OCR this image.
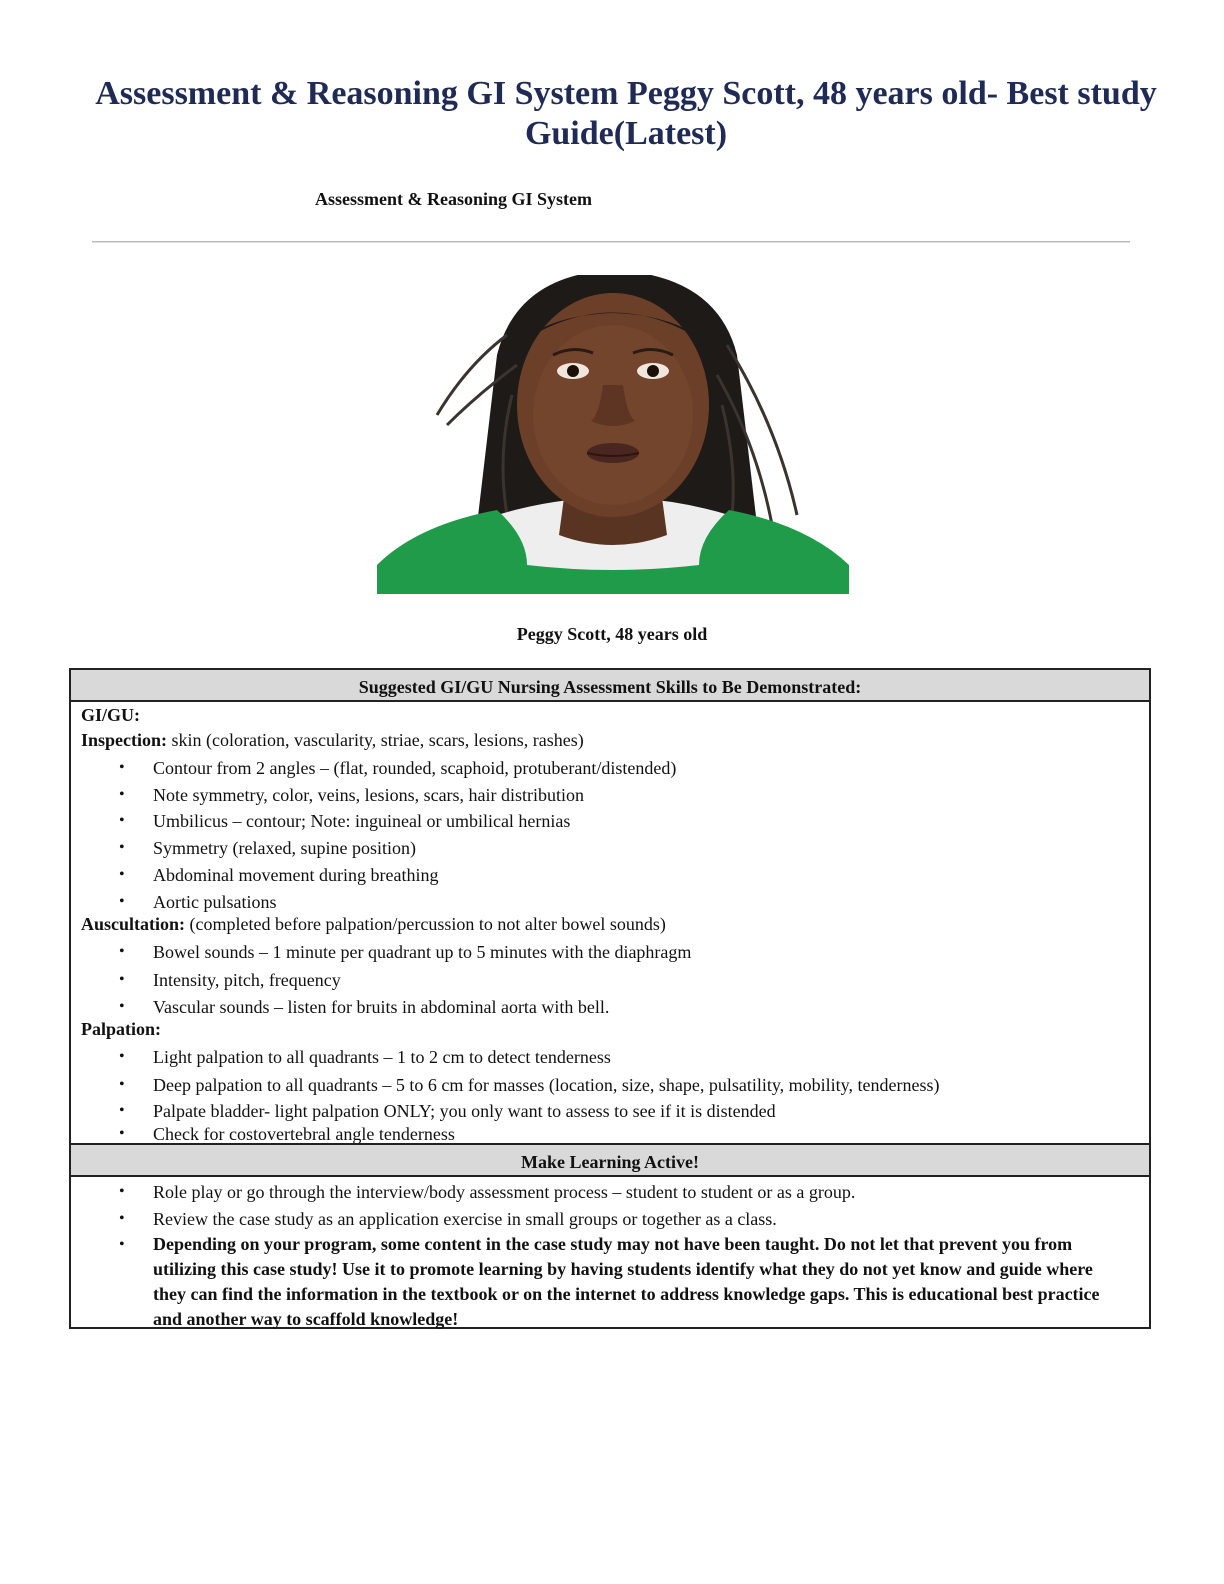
Assessment & Reasoning GI System Peggy Scott, 48 years old- Best study Guide(Latest)
Assessment & Reasoning GI System
Peggy Scott, 48 years old
Suggested GI/GU Nursing Assessment Skills to Be Demonstrated:
GI/GU:
Inspection: skin (coloration, vascularity, striae, scars, lesions, rashes)
• Contour from 2 angles – (flat, rounded, scaphoid, protuberant/distended)
• Note symmetry, color, veins, lesions, scars, hair distribution
• Umbilicus – contour; Note: inguineal or umbilical hernias
• Symmetry (relaxed, supine position)
• Abdominal movement during breathing
• Aortic pulsations
Auscultation: (completed before palpation/percussion to not alter bowel sounds)
• Bowel sounds – 1 minute per quadrant up to 5 minutes with the diaphragm
• Intensity, pitch, frequency
• Vascular sounds – listen for bruits in abdominal aorta with bell.
Palpation:
• Light palpation to all quadrants – 1 to 2 cm to detect tenderness
• Deep palpation to all quadrants – 5 to 6 cm for masses (location, size, shape, pulsatility, mobility, tenderness)
• Palpate bladder- light palpation ONLY; you only want to assess to see if it is distended
• Check for costovertebral angle tenderness
Make Learning Active!
• Role play or go through the interview/body assessment process – student to student or as a group.
• Review the case study as an application exercise in small groups or together as a class.
• Depending on your program, some content in the case study may not have been taught. Do not let that prevent you from utilizing this case study! Use it to promote learning by having students identify what they do not yet know and guide where they can find the information in the textbook or on the internet to address knowledge gaps. This is educational best practice and another way to scaffold knowledge!
